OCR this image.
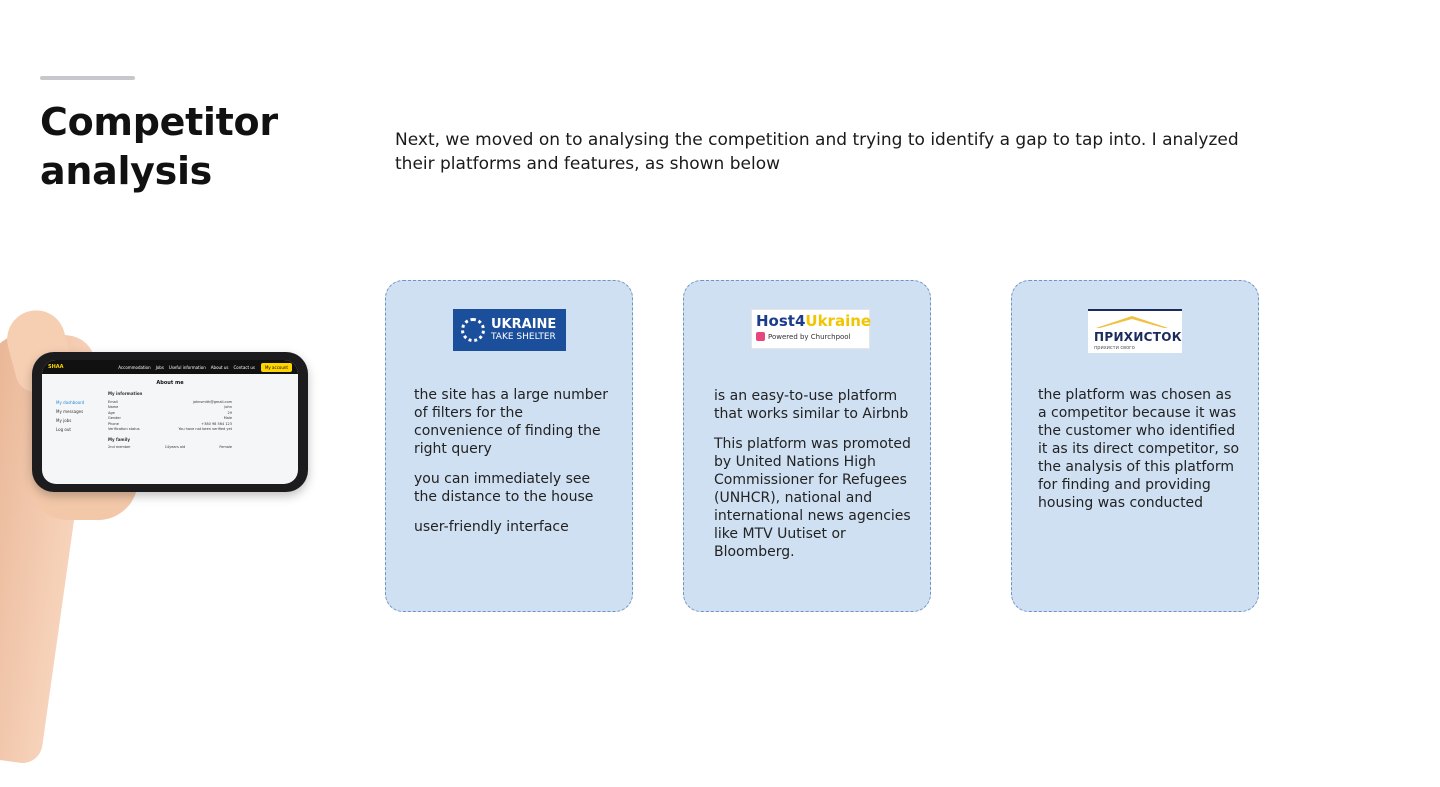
Competitor
analysis

Next, we moved on to analysing the competition and trying to identify a gap to tap into. I analyzed their platforms and features, as shown below

SHAA	Accommodation Jobs Useful information About us Contact us	My account
About me
My dashboard
My messages
My jobs
Log out
My information
Email	johnsmith@gmail.com
Name	John
Age	29
Gender	Male
Phone	+380 98 564 123
Verification status	You have not been verified yet
My family
2nd member	14years old	Female
UKRAINE
TAKE SHELTER

the site has a large number of filters for the convenience of finding the right query

you can immediately see the distance to the house

user-friendly interface

Host4Ukraine
Powered by Churchpool

is an easy-to-use platform that works similar to Airbnb

This platform was promoted by United Nations High Commissioner for Refugees (UNHCR), national and international news agencies like MTV Uutiset or Bloomberg.

ПРИХИСТОК
прихисти свого

the platform was chosen as a competitor because it was the customer who identified it as its direct competitor, so the analysis of this platform for finding and providing housing was conducted
